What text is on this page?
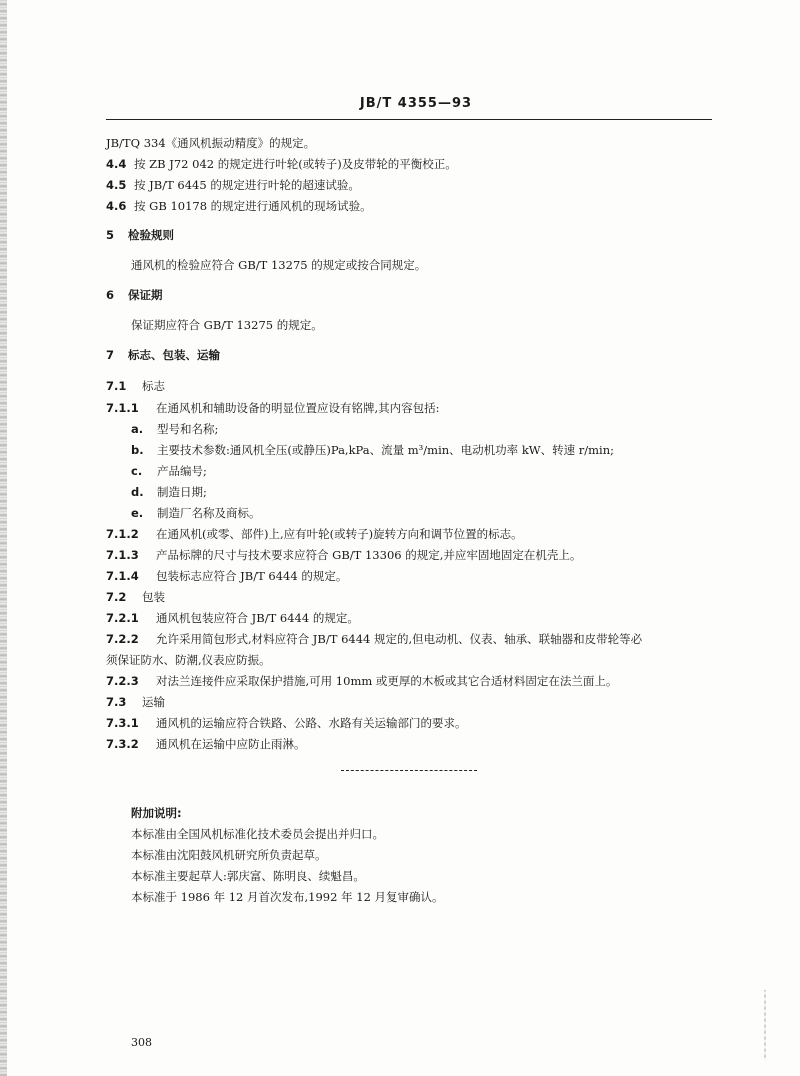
JB/T 4355—93
JB/TQ 334《通风机振动精度》的规定。
4.4 按 ZB J72 042 的规定进行叶轮(或转子)及皮带轮的平衡校正。
4.5 按 JB/T 6445 的规定进行叶轮的超速试验。
4.6 按 GB 10178 的规定进行通风机的现场试验。
5 检验规则
通风机的检验应符合 GB/T 13275 的规定或按合同规定。
6 保证期
保证期应符合 GB/T 13275 的规定。
7 标志、包装、运输
7.1 标志
7.1.1 在通风机和辅助设备的明显位置应设有铭牌,其内容包括:
a. 型号和名称;
b. 主要技术参数:通风机全压(或静压)Pa,kPa、流量 m³/min、电动机功率 kW、转速 r/min;
c. 产品编号;
d. 制造日期;
e. 制造厂名称及商标。
7.1.2 在通风机(或零、部件)上,应有叶轮(或转子)旋转方向和调节位置的标志。
7.1.3 产品标牌的尺寸与技术要求应符合 GB/T 13306 的规定,并应牢固地固定在机壳上。
7.1.4 包装标志应符合 JB/T 6444 的规定。
7.2 包装
7.2.1 通风机包装应符合 JB/T 6444 的规定。
7.2.2 允许采用简包形式,材料应符合 JB/T 6444 规定的,但电动机、仪表、轴承、联轴器和皮带轮等必
须保证防水、防潮,仪表应防振。
7.2.3 对法兰连接件应采取保护措施,可用 10mm 或更厚的木板或其它合适材料固定在法兰面上。
7.3 运输
7.3.1 通风机的运输应符合铁路、公路、水路有关运输部门的要求。
7.3.2 通风机在运输中应防止雨淋。
附加说明:
本标准由全国风机标准化技术委员会提出并归口。
本标准由沈阳鼓风机研究所负责起草。
本标准主要起草人:郭庆富、陈明良、续魁昌。
本标准于 1986 年 12 月首次发布,1992 年 12 月复审确认。
308
